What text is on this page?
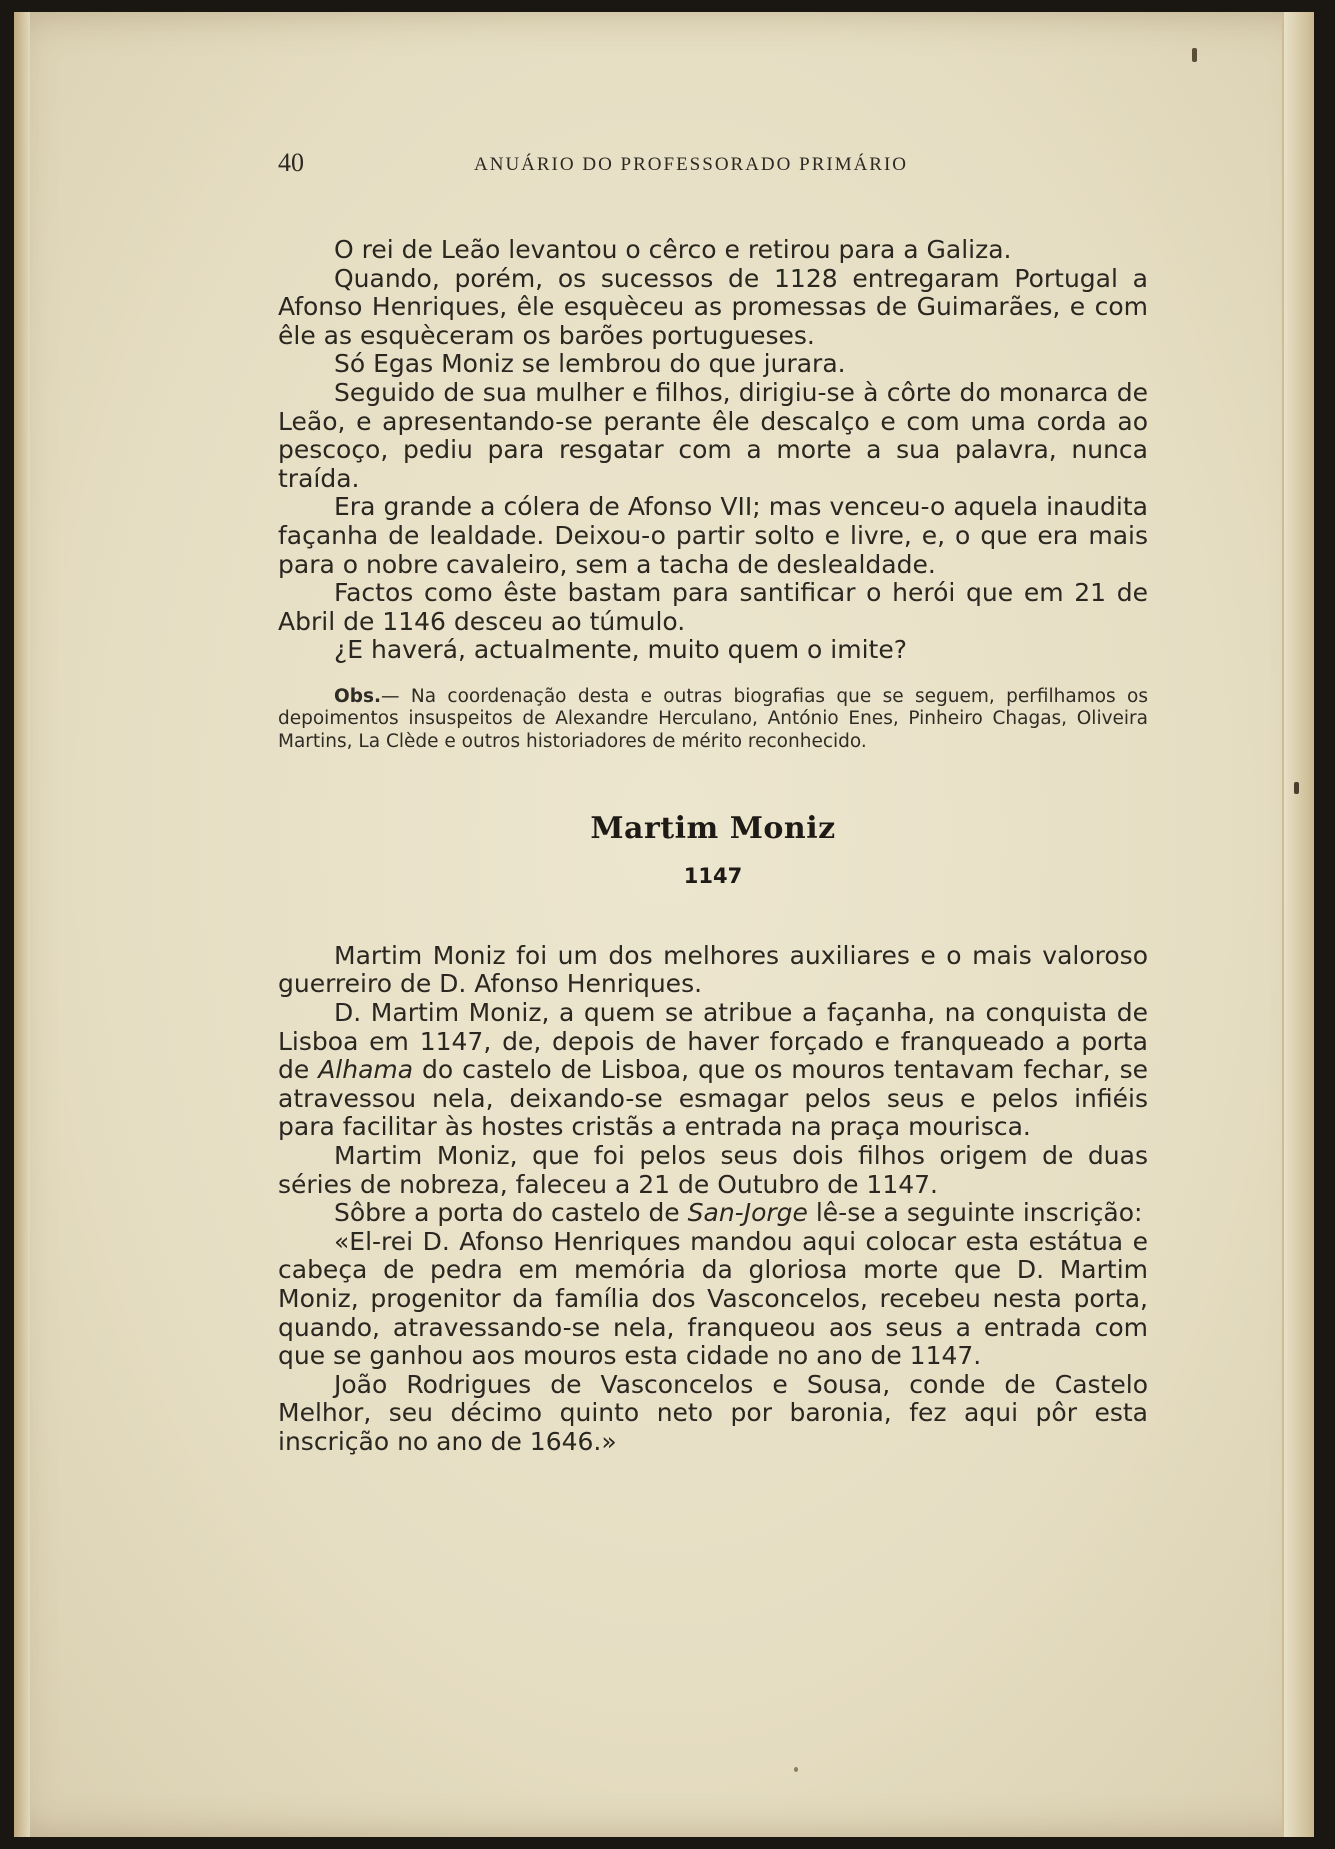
40	ANUÁRIO DO PROFESSORADO PRIMÁRIO

O rei de Leão levantou o cêrco e retirou para a Galiza.

Quando, porém, os sucessos de 1128 entregaram Portugal a Afonso Henriques, êle esquèceu as promessas de Guimarães, e com êle as esquèceram os barões portugueses.

Só Egas Moniz se lembrou do que jurara.

Seguido de sua mulher e filhos, dirigiu-se à côrte do monarca de Leão, e apresentando-se perante êle descalço e com uma corda ao pescoço, pediu para resgatar com a morte a sua palavra, nunca traída.

Era grande a cólera de Afonso VII; mas venceu-o aquela inaudita façanha de lealdade. Deixou-o partir solto e livre, e, o que era mais para o nobre cavaleiro, sem a tacha de deslealdade.

Factos como êste bastam para santificar o herói que em 21 de Abril de 1146 desceu ao túmulo.

¿E haverá, actualmente, muito quem o imite?

Obs.— Na coordenação desta e outras biografias que se seguem, perfilhamos os depoimentos insuspeitos de Alexandre Herculano, António Enes, Pinheiro Chagas, Oliveira Martins, La Clède e outros historiadores de mérito reconhecido.

Martim Moniz

1147

Martim Moniz foi um dos melhores auxiliares e o mais valoroso guerreiro de D. Afonso Henriques.

D. Martim Moniz, a quem se atribue a façanha, na conquista de Lisboa em 1147, de, depois de haver forçado e franqueado a porta de Alhama do castelo de Lisboa, que os mouros tentavam fechar, se atravessou nela, deixando-se esmagar pelos seus e pelos infiéis para facilitar às hostes cristãs a entrada na praça mourisca.

Martim Moniz, que foi pelos seus dois filhos origem de duas séries de nobreza, faleceu a 21 de Outubro de 1147.

Sôbre a porta do castelo de San-Jorge lê-se a seguinte inscrição:

«El-rei D. Afonso Henriques mandou aqui colocar esta estátua e cabeça de pedra em memória da gloriosa morte que D. Martim Moniz, progenitor da família dos Vasconcelos, recebeu nesta porta, quando, atravessando-se nela, franqueou aos seus a entrada com que se ganhou aos mouros esta cidade no ano de 1147.

João Rodrigues de Vasconcelos e Sousa, conde de Castelo Melhor, seu décimo quinto neto por baronia, fez aqui pôr esta inscrição no ano de 1646.»
